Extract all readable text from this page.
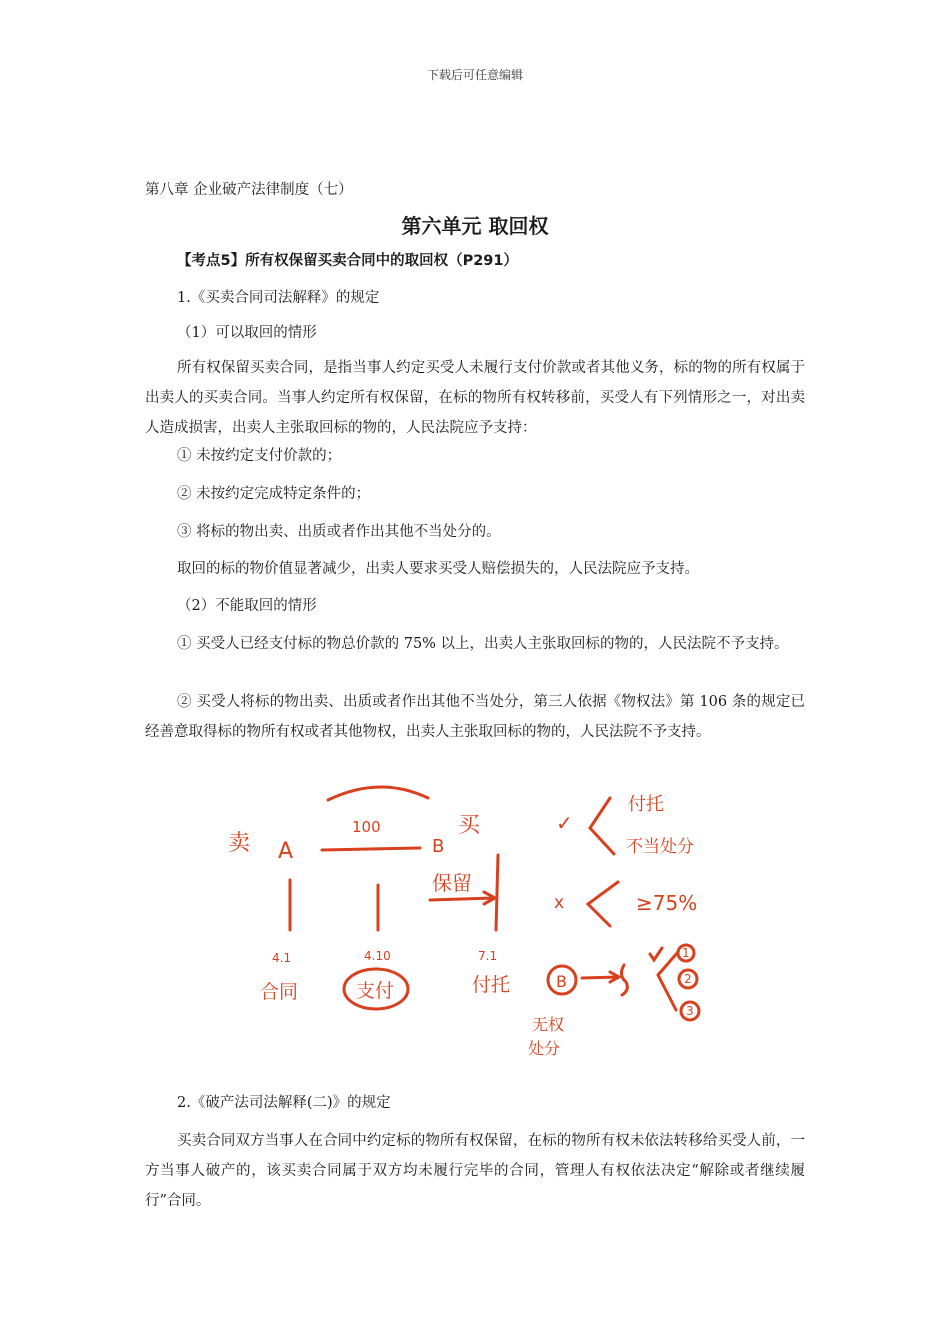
下载后可任意编辑
第八章 企业破产法律制度（七）
第六单元 取回权
【考点5】所有权保留买卖合同中的取回权（P291）
1.《买卖合同司法解释》的规定
（1）可以取回的情形
所有权保留买卖合同，是指当事人约定买受人未履行支付价款或者其他义务，标的物的所有权属于出卖人的买卖合同。当事人约定所有权保留，在标的物所有权转移前，买受人有下列情形之一，对出卖人造成损害，出卖人主张取回标的物的，人民法院应予支持：
① 未按约定支付价款的；
② 未按约定完成特定条件的；
③ 将标的物出卖、出质或者作出其他不当处分的。
取回的标的物价值显著减少，出卖人要求买受人赔偿损失的，人民法院应予支持。
（2）不能取回的情形
① 买受人已经支付标的物总价款的 75% 以上，出卖人主张取回标的物的，人民法院不予支持。
② 买受人将标的物出卖、出质或者作出其他不当处分，第三人依据《物权法》第 106 条的规定已经善意取得标的物所有权或者其他物权，出卖人主张取回标的物的，人民法院不予支持。
卖 A
100
B
买
保留
4.1
合同
4.10
支付
7.1
付托	B
无权
处分
✓
x
付托
不当处分
≥75%
1
2
3
2.《破产法司法解释(二)》的规定
买卖合同双方当事人在合同中约定标的物所有权保留，在标的物所有权未依法转移给买受人前，一方当事人破产的，该买卖合同属于双方均未履行完毕的合同，管理人有权依法决定“解除或者继续履行”合同。
